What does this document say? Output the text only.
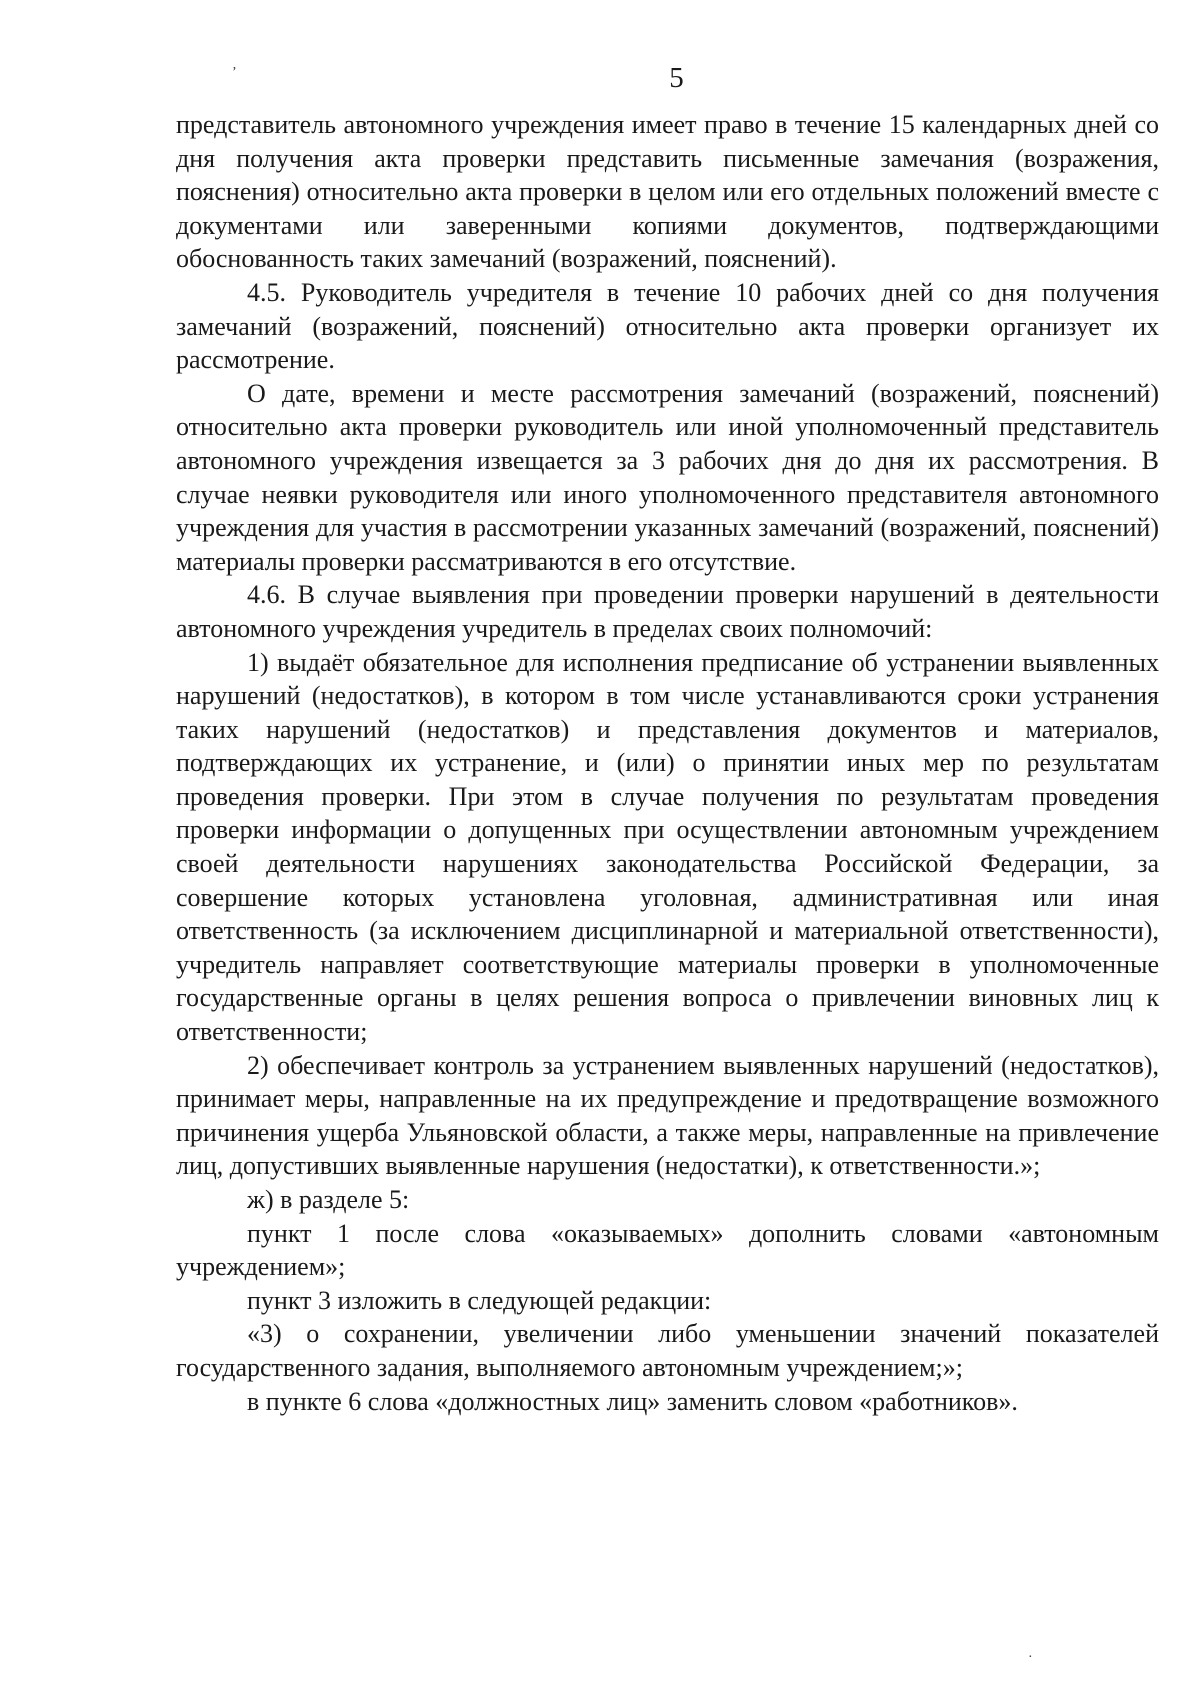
’	5

представитель автономного учреждения имеет право в течение 15 календарных дней со дня получения акта проверки представить письменные замечания (возражения, пояснения) относительно акта проверки в целом или его отдельных положений вместе с документами или заверенными копиями документов, подтверждающими обоснованность таких замечаний (возражений, пояснений).

4.5. Руководитель учредителя в течение 10 рабочих дней со дня получения замечаний (возражений, пояснений) относительно акта проверки организует их рассмотрение.

О дате, времени и месте рассмотрения замечаний (возражений, пояснений) относительно акта проверки руководитель или иной уполномоченный представитель автономного учреждения извещается за 3 рабочих дня до дня их рассмотрения. В случае неявки руководителя или иного уполномоченного представителя автономного учреждения для участия в рассмотрении указанных замечаний (возражений, пояснений) материалы проверки рассматриваются в его отсутствие.

4.6. В случае выявления при проведении проверки нарушений в деятельности автономного учреждения учредитель в пределах своих полномочий:

1) выдаёт обязательное для исполнения предписание об устранении выявленных нарушений (недостатков), в котором в том числе устанавливаются сроки устранения таких нарушений (недостатков) и представления документов и материалов, подтверждающих их устранение, и (или) о принятии иных мер по результатам проведения проверки. При этом в случае получения по результатам проведения проверки информации о допущенных при осуществлении автономным учреждением своей деятельности нарушениях законодательства Российской Федерации, за совершение которых установлена уголовная, административная или иная ответственность (за исключением дисциплинарной и материальной ответственности), учредитель направляет соответствующие материалы проверки в уполномоченные государственные органы в целях решения вопроса о привлечении виновных лиц к ответственности;

2) обеспечивает контроль за устранением выявленных нарушений (недостатков), принимает меры, направленные на их предупреждение и предотвращение возможного причинения ущерба Ульяновской области, а также меры, направленные на привлечение лиц, допустивших выявленные нарушения (недостатки), к ответственности.»;

ж) в разделе 5:

пункт 1 после слова «оказываемых» дополнить словами «автономным учреждением»;

пункт 3 изложить в следующей редакции:

«3) о сохранении, увеличении либо уменьшении значений показателей государственного задания, выполняемого автономным учреждением;»;

в пункте 6 слова «должностных лиц» заменить словом «работников».

·
